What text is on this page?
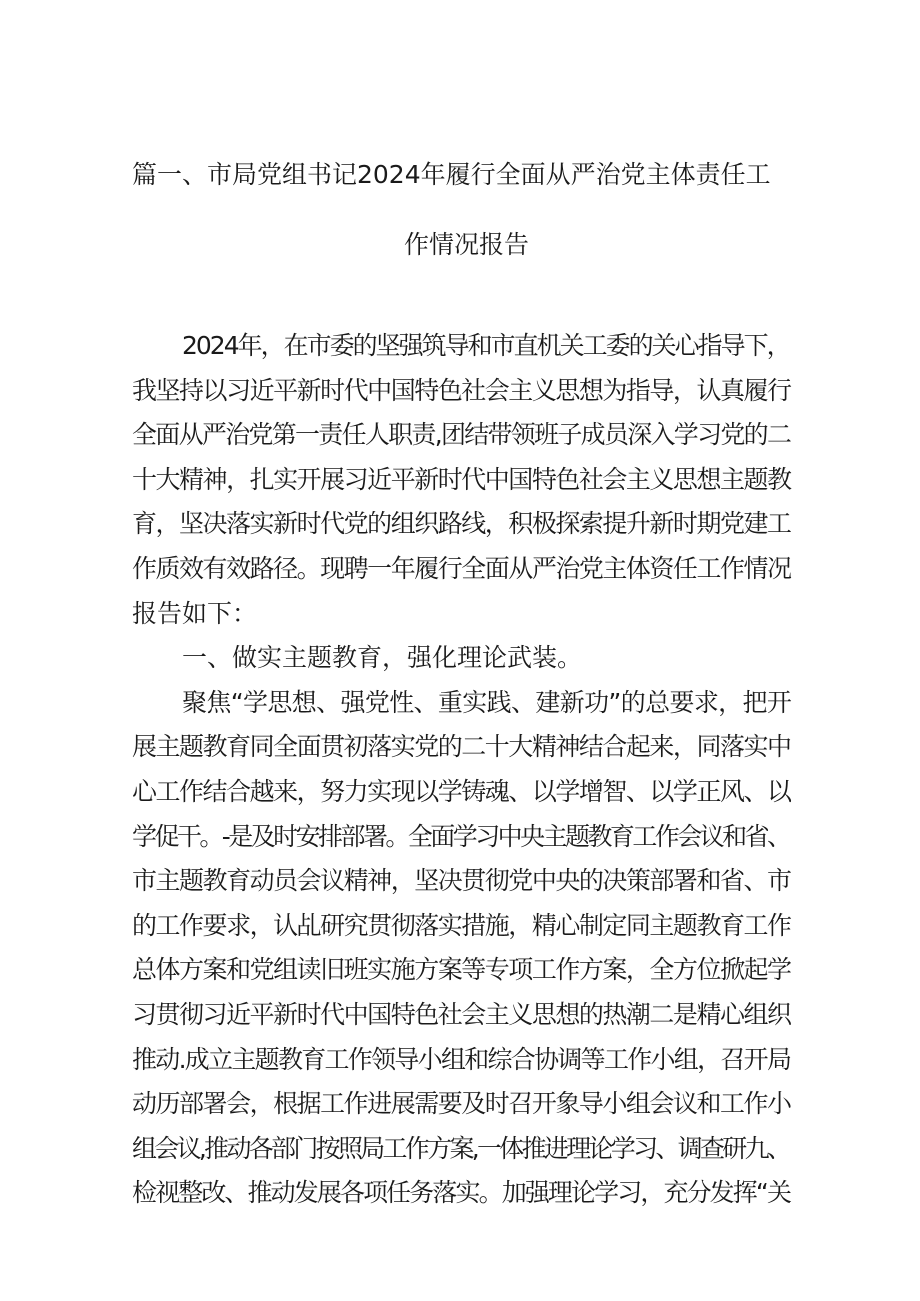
篇一、市局党组书记2024年履行全面从严治党主体责任工
作情况报告
2024年，在市委的坚强筑导和市直机关工委的关心指导下，
我坚持以习近平新时代中国特色社会主义思想为指导，认真履行
全面从严治党第一责任人职责,团结带领班子成员深入学习党的二
十大精神，扎实开展习近平新时代中国特色社会主义思想主题教
育，坚决落实新时代党的组织路线，积极探索提升新时期党建工
作质效有效路径。现聘一年履行全面从严治党主体资任工作情况
报告如下：
一、做实主题教育，强化理论武装。
聚焦“学思想、强党性、重实践、建新功”的总要求，把开
展主题教育同全面贯初落实党的二十大精神结合起来，同落实中
心工作结合越来，努力实现以学铸魂、以学增智、以学正风、以
学促干。-是及时安排部署。全面学习中央主题教育工作会议和省、
市主题教育动员会议精神，坚决贯彻党中央的决策部署和省、市
的工作要求，认乩研究贯彻落实措施，精心制定同主题教育工作
总体方案和党组读旧班实施方案等专项工作方案，全方位掀起学
习贯彻习近平新时代中国特色社会主义思想的热潮二是精心组织
推动.成立主题教育工作领导小组和综合协调等工作小组，召开局
动历部署会，根据工作进展需要及时召开象导小组会议和工作小
组会议,推动各部门按照局工作方案,一体推进理论学习、调查研九、
检视整改、推动发展各项任务落实。加强理论学习，充分发挥“关
